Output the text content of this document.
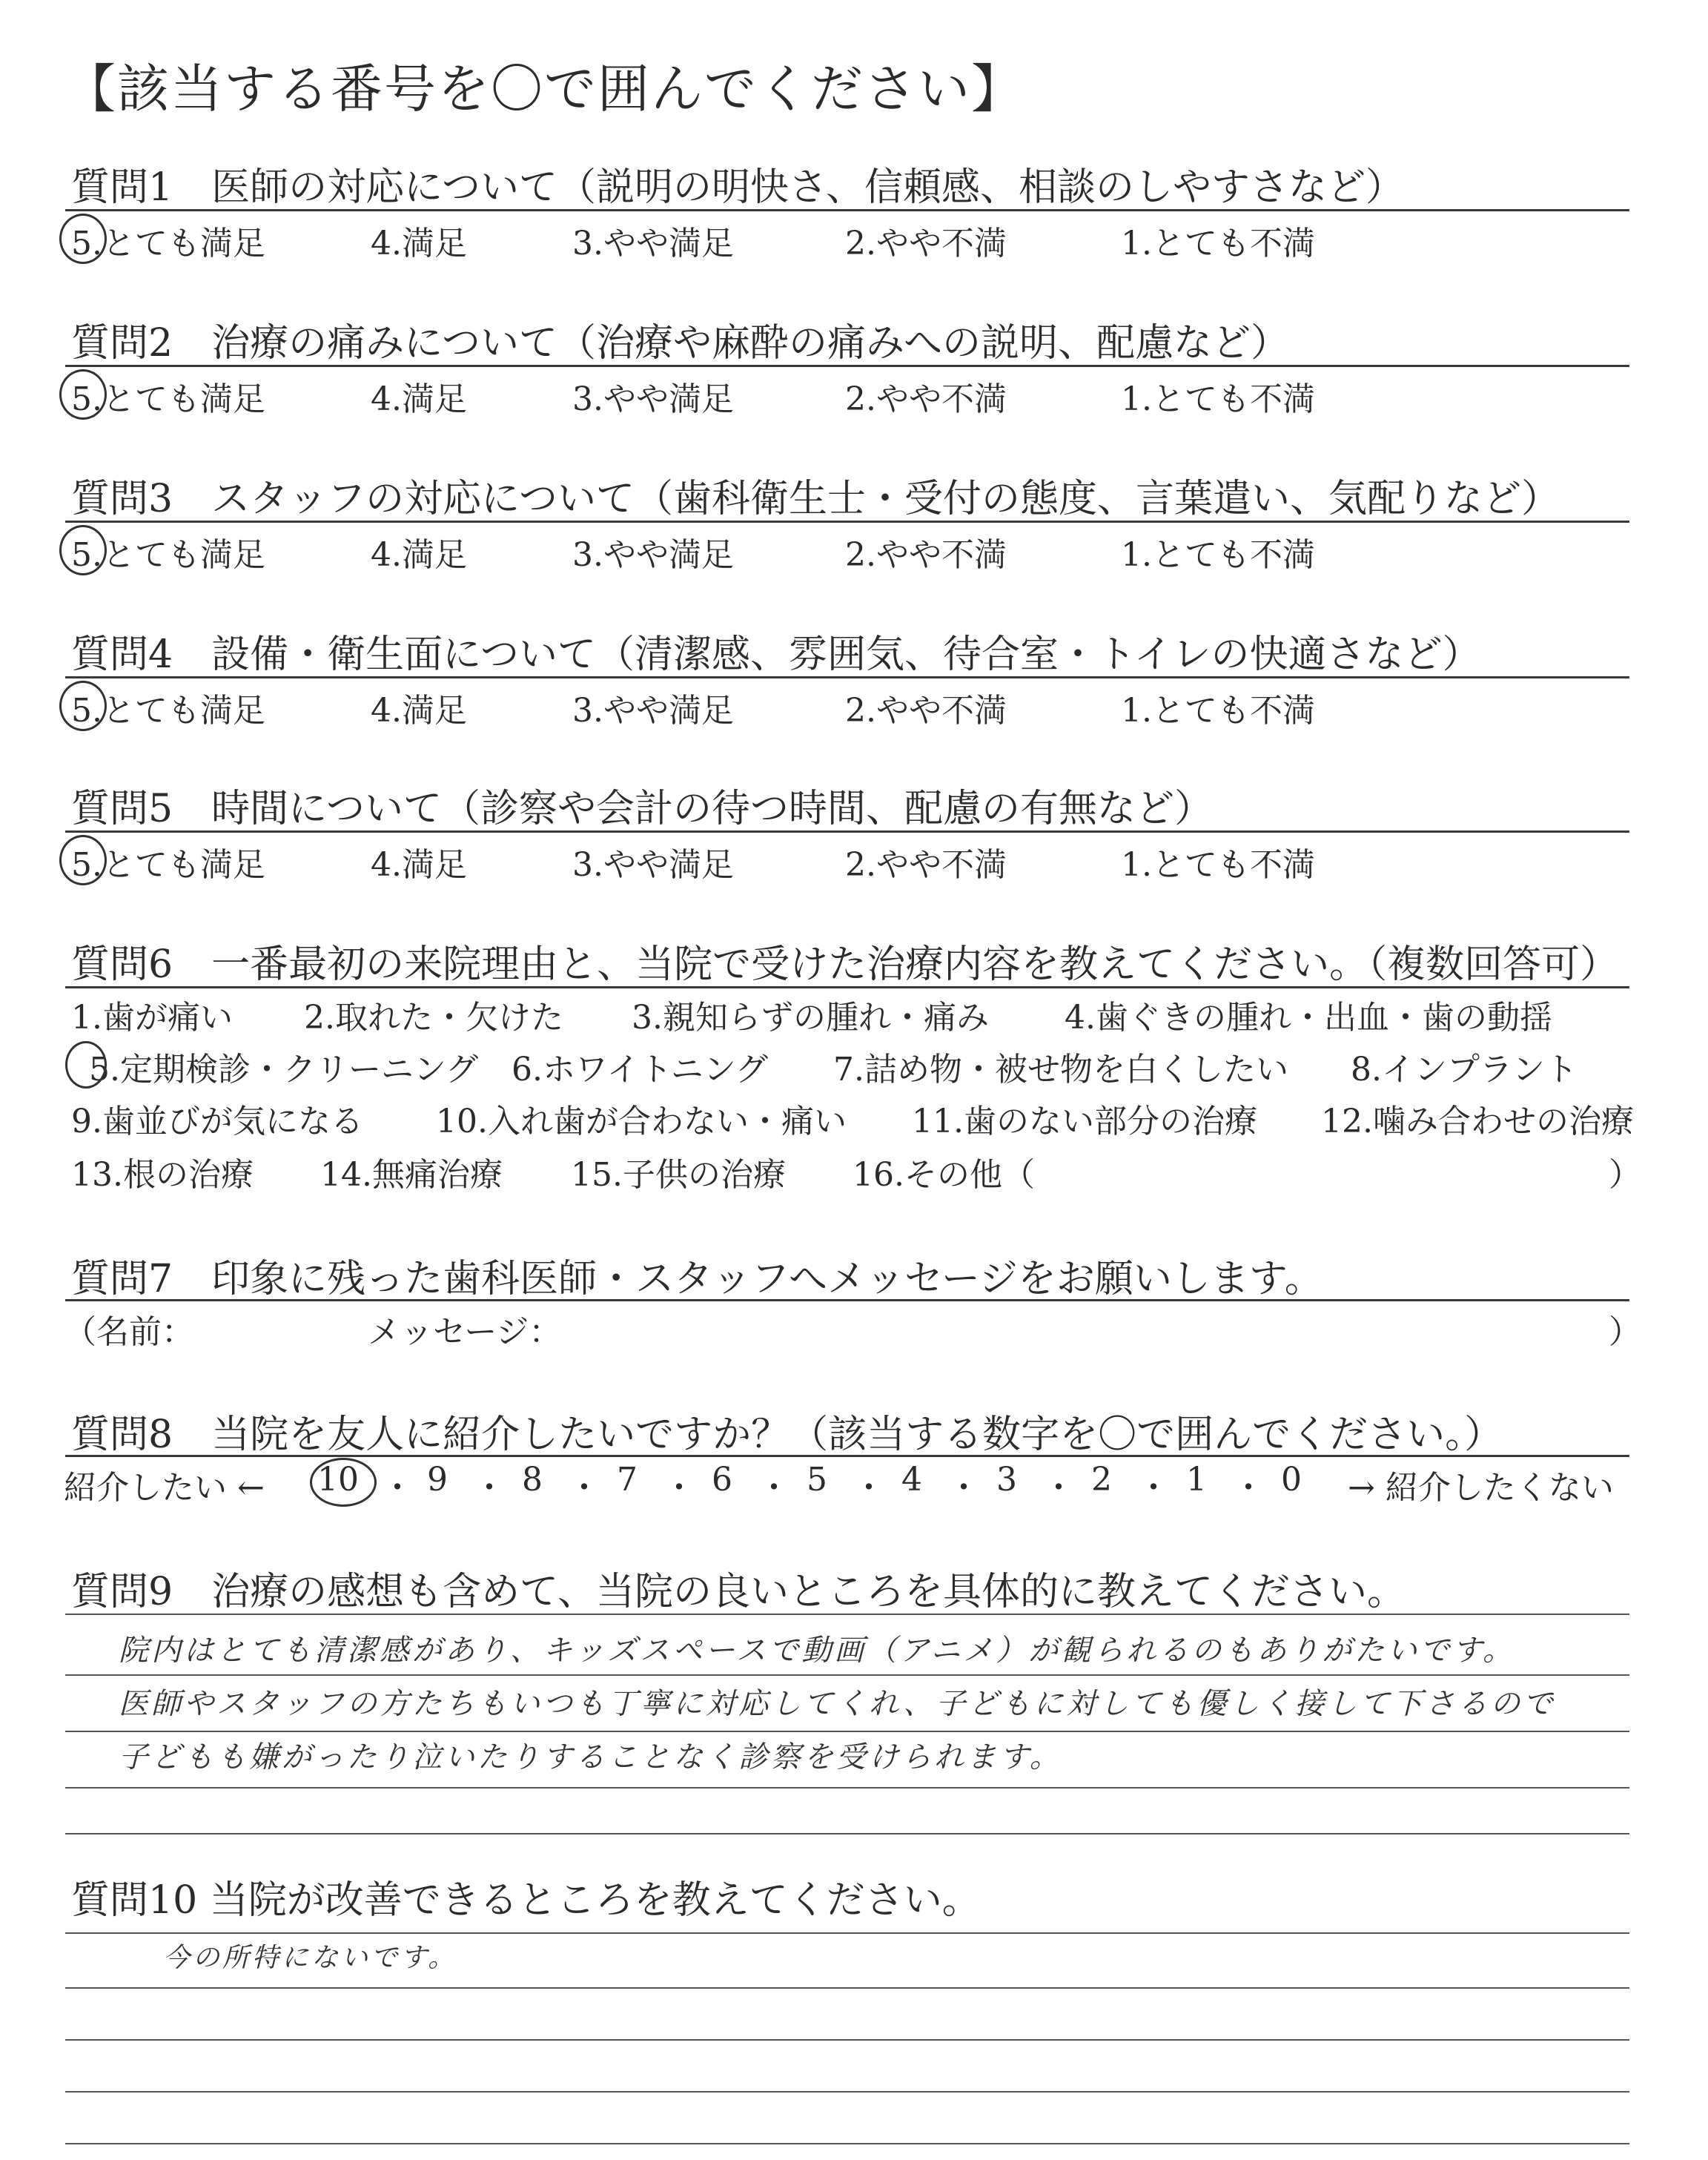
【該当する番号を〇で囲んでください】
質問1　医師の対応について（説明の明快さ、信頼感、相談のしやすさなど）
5.とても満足	4.満足	3.やや満足	2.やや不満	1.とても不満
質問2　治療の痛みについて（治療や麻酔の痛みへの説明、配慮など）
5.とても満足	4.満足	3.やや満足	2.やや不満	1.とても不満
質問3　スタッフの対応について（歯科衛生士・受付の態度、言葉遣い、気配りなど）
5.とても満足	4.満足	3.やや満足	2.やや不満	1.とても不満
質問4　設備・衛生面について（清潔感、雰囲気、待合室・トイレの快適さなど）
5.とても満足	4.満足	3.やや満足	2.やや不満	1.とても不満
質問5　時間について（診察や会計の待つ時間、配慮の有無など）
5.とても満足	4.満足	3.やや満足	2.やや不満	1.とても不満
質問6　一番最初の来院理由と、当院で受けた治療内容を教えてください。（複数回答可）
1.歯が痛い 2.取れた・欠けた 3.親知らずの腫れ・痛み 4.歯ぐきの腫れ・出血・歯の動揺
5.定期検診・クリーニング 6.ホワイトニング 7.詰め物・被せ物を白くしたい 8.インプラント
9.歯並びが気になる 10.入れ歯が合わない・痛い 11.歯のない部分の治療 12.噛み合わせの治療
13.根の治療 14.無痛治療 15.子供の治療 16.その他（	）
質問7　印象に残った歯科医師・スタッフへメッセージをお願いします。
（名前：	メッセージ：	）
質問8　当院を友人に紹介したいですか？（該当する数字を〇で囲んでください。）
紹介したい ← 10 ・ 9 ・ 8 ・ 7 ・ 6 ・ 5 ・ 4 ・ 3 ・ 2 ・ 1 ・ 0 → 紹介したくない
質問9　治療の感想も含めて、当院の良いところを具体的に教えてください。
院内はとても清潔感があり、キッズスペースで動画（アニメ）が観られるのもありがたいです。
医師やスタッフの方たちもいつも丁寧に対応してくれ、子どもに対しても優しく接して下さるので
子どもも嫌がったり泣いたりすることなく診察を受けられます。
質問10 当院が改善できるところを教えてください。
今の所特にないです。
